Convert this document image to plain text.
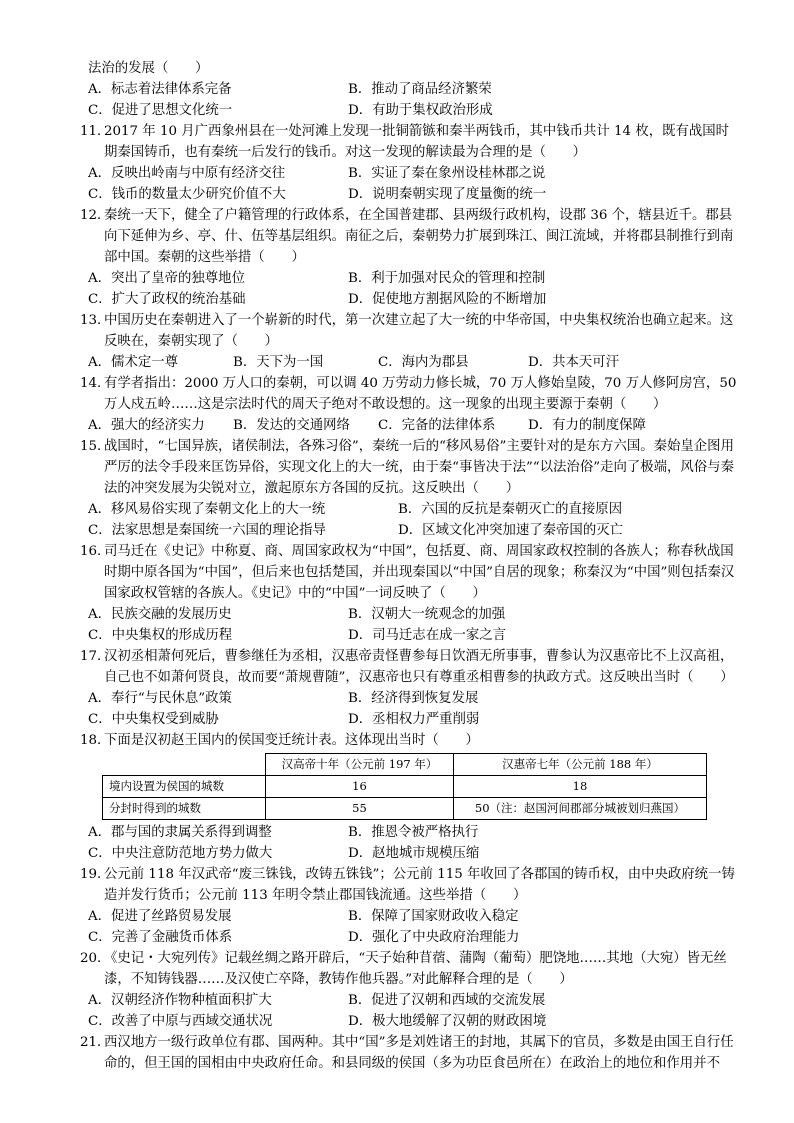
法治的发展（　　）

A．标志着法律体系完备	B．推动了商品经济繁荣
C．促进了思想文化统一	D．有助于集权政治形成

11．2017 年 10 月广西象州县在一处河滩上发现一批铜箭镞和秦半两钱币，其中钱币共计 14 枚，既有战国时期秦国铸币，也有秦统一后发行的钱币。对这一发现的解读最为合理的是（　　）

A．反映出岭南与中原有经济交往	B．实证了秦在象州设桂林郡之说
C．钱币的数量太少研究价值不大	D．说明秦朝实现了度量衡的统一

12．秦统一天下，健全了户籍管理的行政体系，在全国普建郡、县两级行政机构，设郡 36 个，辖县近千。郡县向下延伸为乡、亭、什、伍等基层组织。南征之后，秦朝势力扩展到珠江、闽江流域，并将郡县制推行到南部中国。秦朝的这些举措（　　）

A．突出了皇帝的独尊地位	B．利于加强对民众的管理和控制
C．扩大了政权的统治基础	D．促使地方割据风险的不断增加

13．中国历史在秦朝进入了一个崭新的时代，第一次建立起了大一统的中华帝国，中央集权统治也确立起来。这反映在，秦朝实现了（　　）

A．儒术定一尊	B．天下为一国	C．海内为郡县	D．共本天可汗

14．有学者指出：2000 万人口的秦朝，可以调 40 万劳动力修长城，70 万人修始皇陵，70 万人修阿房宫，50 万人戍五岭……这是宗法时代的周天子绝对不敢设想的。这一现象的出现主要源于秦朝（　　）

A．强大的经济实力	B．发达的交通网络	C．完备的法律体系	D．有力的制度保障

15．战国时，“七国异族，诸侯制法，各殊习俗”，秦统一后的“移风易俗”主要针对的是东方六国。秦始皇企图用严厉的法令手段来匡饬异俗，实现文化上的大一统，由于秦“事皆决于法”“以法治俗”走向了极端，风俗与秦法的冲突发展为尖锐对立，激起原东方各国的反抗。这反映出（　　）

A．移风易俗实现了秦朝文化上的大一统	B．六国的反抗是秦朝灭亡的直接原因
C．法家思想是秦国统一六国的理论指导	D．区域文化冲突加速了秦帝国的灭亡

16．司马迁在《史记》中称夏、商、周国家政权为“中国”，包括夏、商、周国家政权控制的各族人；称春秋战国时期中原各国为“中国”，但后来也包括楚国，并出现秦国以“中国”自居的现象；称秦汉为“中国”则包括秦汉国家政权管辖的各族人。《史记》中的“中国”一词反映了（　　）

A．民族交融的发展历史	B．汉朝大一统观念的加强
C．中央集权的形成历程	D．司马迁志在成一家之言

17．汉初丞相萧何死后，曹参继任为丞相，汉惠帝责怪曹参每日饮酒无所事事，曹参认为汉惠帝比不上汉高祖，自己也不如萧何贤良，故而要“萧规曹随”，汉惠帝也只有尊重丞相曹参的执政方式。这反映出当时（　　）

A．奉行“与民休息”政策	B．经济得到恢复发展
C．中央集权受到威胁	D．丞相权力严重削弱

18．下面是汉初赵王国内的侯国变迁统计表。这体现出当时（　　）

	汉高帝十年（公元前 197 年）	汉惠帝七年（公元前 188 年）
境内设置为侯国的城数	16	18
分封时得到的城数	55	50（注：赵国河间郡部分城被划归燕国）
A．郡与国的隶属关系得到调整	B．推恩令被严格执行
C．中央注意防范地方势力做大	D．赵地城市规模压缩

19．公元前 118 年汉武帝“废三铢钱，改铸五铢钱”；公元前 115 年收回了各郡国的铸币权，由中央政府统一铸造并发行货币；公元前 113 年明令禁止郡国钱流通。这些举措（　　）

A．促进了丝路贸易发展	B．保障了国家财政收入稳定
C．完善了金融货币体系	D．强化了中央政府治理能力

20．《史记・大宛列传》记载丝绸之路开辟后，“天子始种苜蓿、蒲陶（葡萄）肥饶地……其地（大宛）皆无丝漆，不知铸钱器……及汉使亡卒降，教铸作他兵器。”对此解释合理的是（　　）

A．汉朝经济作物种植面积扩大	B．促进了汉朝和西域的交流发展
C．改善了中原与西域交通状况	D．极大地缓解了汉朝的财政困境

21．西汉地方一级行政单位有郡、国两种。其中“国”多是刘姓诸王的封地，其属下的官员，多数是由国王自行任命的，但王国的国相由中央政府任命。和县同级的侯国（多为功臣食邑所在）在政治上的地位和作用并不
